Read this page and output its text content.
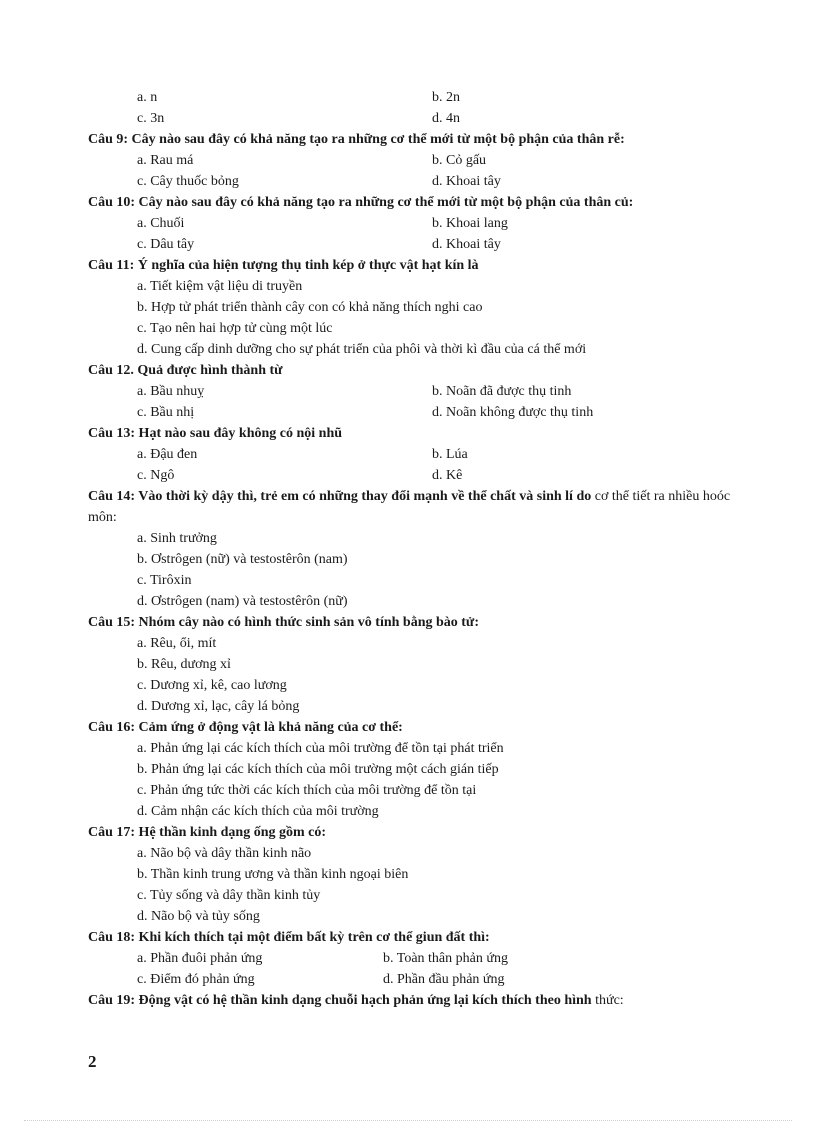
a. n	b. 2n
c. 3n	d. 4n
Câu 9: Cây nào sau đây có khả năng tạo ra những cơ thể mới từ một bộ phận của thân rễ:
a. Rau má	b. Cỏ gấu
c. Cây thuốc bỏng	d. Khoai tây
Câu 10: Cây nào sau đây có khả năng tạo ra những cơ thể mới từ một bộ phận của thân củ:
a. Chuối	b. Khoai lang
c. Dâu tây	d. Khoai tây
Câu 11: Ý nghĩa của hiện tượng thụ tinh kép ở thực vật hạt kín là
a. Tiết kiệm vật liệu di truyền
b. Hợp tử phát triển thành cây con có khả năng thích nghi cao
c. Tạo nên hai hợp tử cùng một lúc
d. Cung cấp dinh dưỡng cho sự phát triển của phôi và thời kì đầu của cá thể mới
Câu 12. Quả được hình thành từ
a. Bầu nhuỵ	b. Noãn đã được thụ tinh
c. Bầu nhị	d. Noãn không được thụ tinh
Câu 13: Hạt nào sau đây không có nội nhũ
a. Đậu đen	b. Lúa
c. Ngô	d. Kê
Câu 14: Vào thời kỳ dậy thì, trẻ em có những thay đổi mạnh về thể chất và sinh lí do cơ thể tiết ra nhiều hoóc môn:
a. Sinh trưởng
b. Ơstrôgen (nữ) và testostêrôn (nam)
c. Tirôxin
d. Ơstrôgen (nam) và testostêrôn (nữ)
Câu 15: Nhóm cây nào có hình thức sinh sản vô tính bằng bào tử:
a. Rêu, ổi, mít
b. Rêu, dương xỉ
c. Dương xỉ, kê, cao lương
d. Dương xỉ, lạc, cây lá bỏng
Câu 16: Cảm ứng ở động vật là khả năng của cơ thể:
a. Phản ứng lại các kích thích của môi trường để tồn tại phát triển
b. Phản ứng lại các kích thích của môi trường một cách gián tiếp
c. Phản ứng tức thời các kích thích của môi trường để tồn tại
d. Cảm nhận các kích thích của môi trường
Câu 17: Hệ thần kinh dạng ống gồm có:
a. Não bộ và dây thần kinh não
b. Thần kinh trung ương và thần kinh ngoại biên
c. Tủy sống và dây thần kinh tủy
d. Não bộ và tủy sống
Câu 18: Khi kích thích tại một điểm bất kỳ trên cơ thể giun đất thì:
a. Phần đuôi phản ứng	b. Toàn thân phản ứng
c. Điểm đó phản ứng	d. Phần đầu phản ứng
Câu 19: Động vật có hệ thần kinh dạng chuỗi hạch phản ứng lại kích thích theo hình thức:
2
